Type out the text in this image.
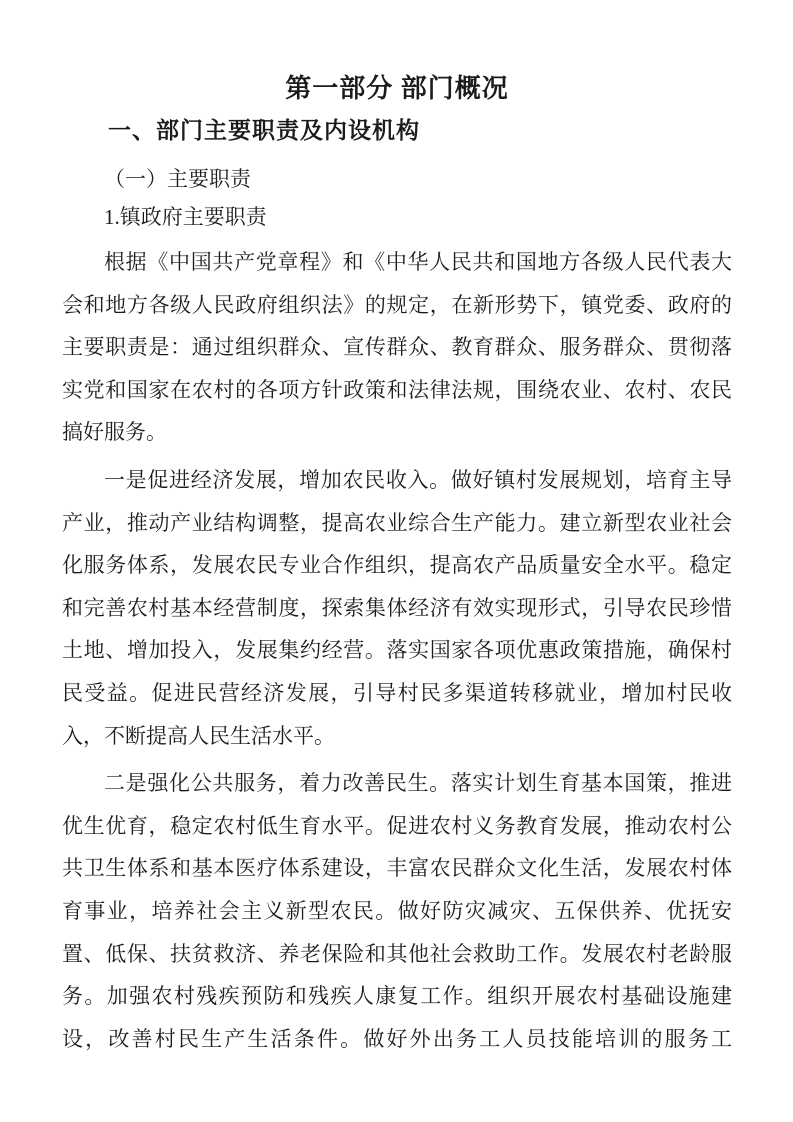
第一部分 部门概况
一、部门主要职责及内设机构

（一）主要职责

1.镇政府主要职责

根据《中国共产党章程》和《中华人民共和国地方各级人民代表大
会和地方各级人民政府组织法》的规定，在新形势下，镇党委、政府的
主要职责是：通过组织群众、宣传群众、教育群众、服务群众、贯彻落
实党和国家在农村的各项方针政策和法律法规，围绕农业、农村、农民
搞好服务。
一是促进经济发展，增加农民收入。做好镇村发展规划，培育主导
产业，推动产业结构调整，提高农业综合生产能力。建立新型农业社会
化服务体系，发展农民专业合作组织，提高农产品质量安全水平。稳定
和完善农村基本经营制度，探索集体经济有效实现形式，引导农民珍惜
土地、增加投入，发展集约经营。落实国家各项优惠政策措施，确保村
民受益。促进民营经济发展，引导村民多渠道转移就业，增加村民收
入，不断提高人民生活水平。
二是强化公共服务，着力改善民生。落实计划生育基本国策，推进
优生优育，稳定农村低生育水平。促进农村义务教育发展，推动农村公
共卫生体系和基本医疗体系建设，丰富农民群众文化生活，发展农村体
育事业，培养社会主义新型农民。做好防灾减灾、五保供养、优抚安
置、低保、扶贫救济、养老保险和其他社会救助工作。发展农村老龄服
务。加强农村残疾预防和残疾人康复工作。组织开展农村基础设施建
设，改善村民生产生活条件。做好外出务工人员技能培训的服务工
